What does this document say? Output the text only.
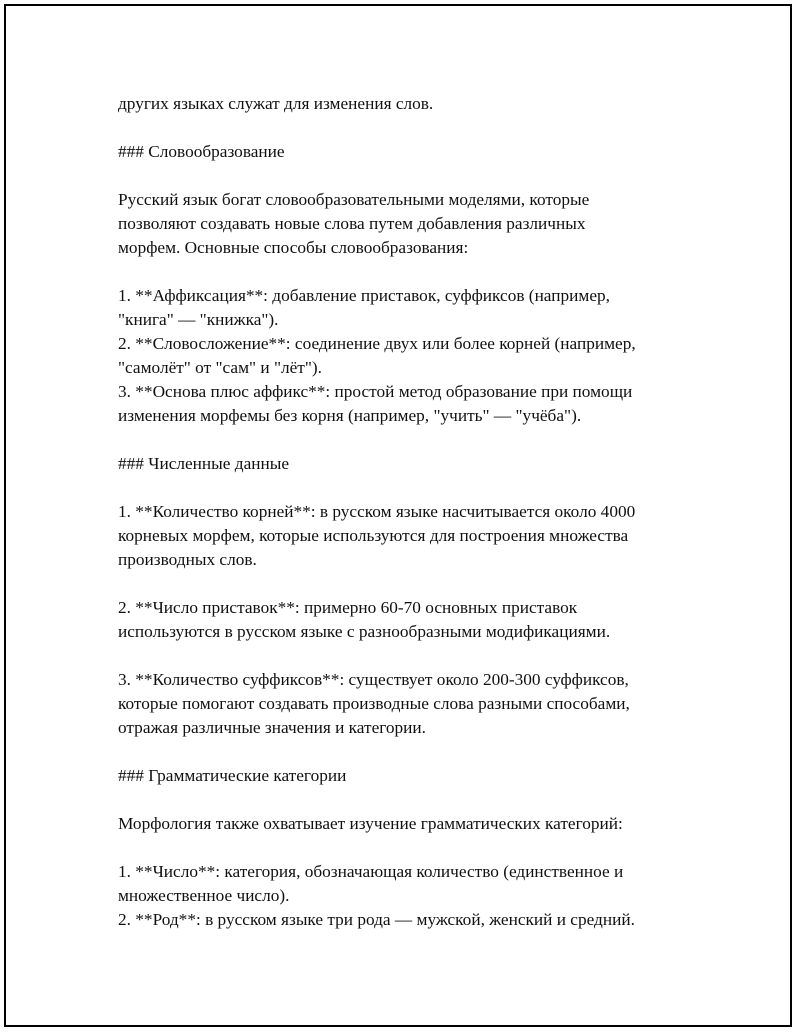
других языках служат для изменения слов.

### Словообразование

Русский язык богат словообразовательными моделями, которые
позволяют создавать новые слова путем добавления различных
морфем. Основные способы словообразования:

1. **Аффиксация**: добавление приставок, суффиксов (например,
"книга" — "книжка").
2. **Словосложение**: соединение двух или более корней (например,
"самолёт" от "сам" и "лёт").
3. **Основа плюс аффикс**: простой метод образование при помощи
изменения морфемы без корня (например, "учить" — "учёба").

### Численные данные

1. **Количество корней**: в русском языке насчитывается около 4000
корневых морфем, которые используются для построения множества
производных слов.

2. **Число приставок**: примерно 60-70 основных приставок
используются в русском языке с разнообразными модификациями.

3. **Количество суффиксов**: существует около 200-300 суффиксов,
которые помогают создавать производные слова разными способами,
отражая различные значения и категории.

### Грамматические категории

Морфология также охватывает изучение грамматических категорий:

1. **Число**: категория, обозначающая количество (единственное и
множественное число).
2. **Род**: в русском языке три рода — мужской, женский и средний.
